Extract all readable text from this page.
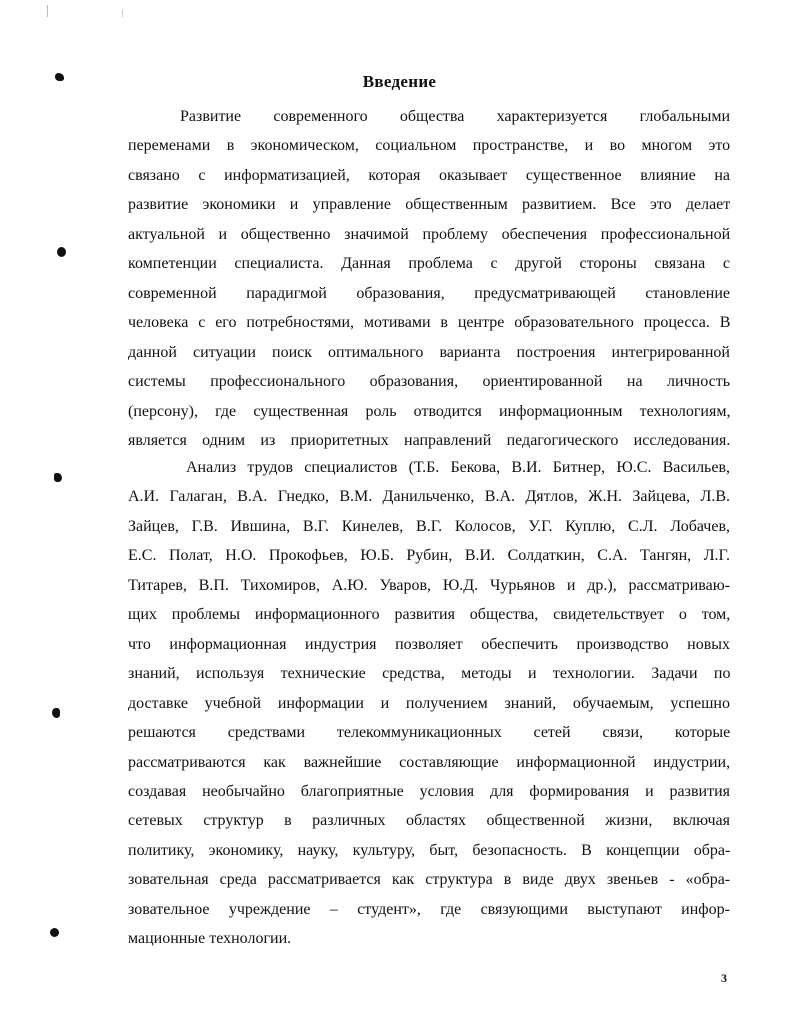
Введение
Развитие современного общества характеризуется глобальными
переменами в экономическом, социальном пространстве, и во многом это
связано с информатизацией, которая оказывает существенное влияние на
развитие экономики и управление общественным развитием. Все это делает
актуальной и общественно значимой проблему обеспечения профессиональной
компетенции специалиста. Данная проблема с другой стороны связана с
современной парадигмой образования, предусматривающей становление
человека с его потребностями, мотивами в центре образовательного процесса. В
данной ситуации поиск оптимального варианта построения интегрированной
системы профессионального образования, ориентированной на личность
(персону), где существенная роль отводится информационным технологиям,
является одним из приоритетных направлений педагогического исследования.
Анализ трудов специалистов (Т.Б. Бекова, В.И. Битнер, Ю.С. Васильев,
А.И. Галаган, В.А. Гнедко, В.М. Данильченко, В.А. Дятлов, Ж.Н. Зайцева, Л.В.
Зайцев, Г.В. Ившина, В.Г. Кинелев, В.Г. Колосов, У.Г. Куплю, С.Л. Лобачев,
Е.С. Полат, Н.О. Прокофьев, Ю.Б. Рубин, В.И. Солдаткин, С.А. Тангян, Л.Г.
Титарев, В.П. Тихомиров, А.Ю. Уваров, Ю.Д. Чурьянов и др.), рассматриваю-
щих проблемы информационного развития общества, свидетельствует о том,
что информационная индустрия позволяет обеспечить производство новых
знаний, используя технические средства, методы и технологии. Задачи по
доставке учебной информации и получением знаний, обучаемым, успешно
решаются средствами телекоммуникационных сетей связи, которые
рассматриваются как важнейшие составляющие информационной индустрии,
создавая необычайно благоприятные условия для формирования и развития
сетевых структур в различных областях общественной жизни, включая
политику, экономику, науку, культуру, быт, безопасность. В концепции обра-
зовательная среда рассматривается как структура в виде двух звеньев - «обра-
зовательное учреждение – студент», где связующими выступают инфор-
мационные технологии.
3
